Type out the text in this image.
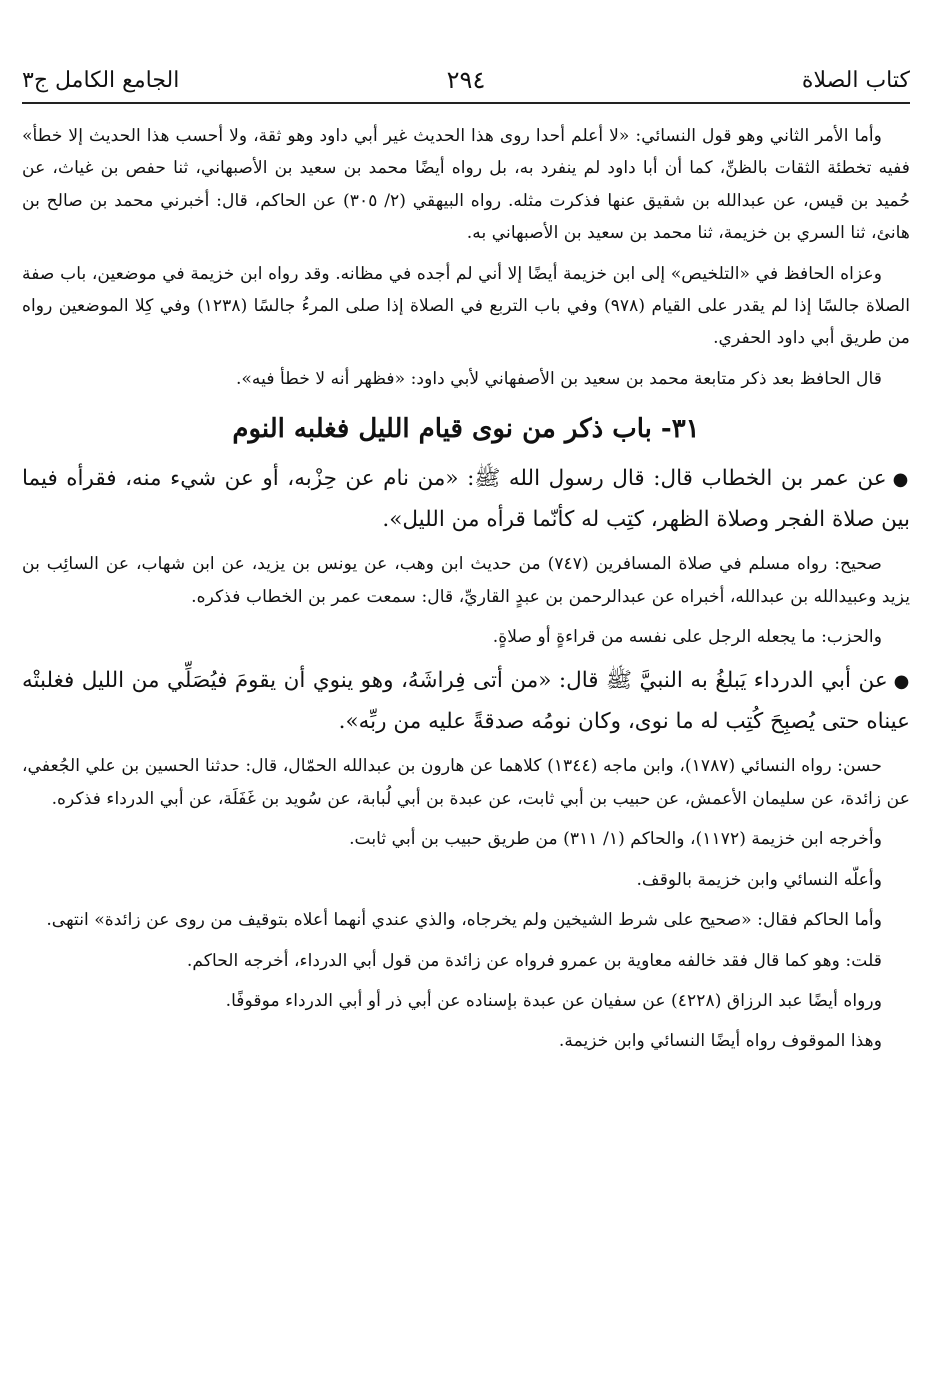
كتاب الصلاة
٢٩٤
الجامع الكامل ج٣

وأما الأمر الثاني وهو قول النسائي: «لا أعلم أحدا روى هذا الحديث غير أبي داود وهو ثقة، ولا أحسب هذا الحديث إلا خطأ» ففيه تخطئة الثقات بالظنِّ، كما أن أبا داود لم ينفرد به، بل رواه أيضًا محمد بن سعيد بن الأصبهاني، ثنا حفص بن غياث، عن حُميد بن قيس، عن عبدالله بن شقيق عنها فذكرت مثله. رواه البيهقي (٢/ ٣٠٥) عن الحاكم، قال: أخبرني محمد بن صالح بن هانئ، ثنا السري بن خزيمة، ثنا محمد بن سعيد بن الأصبهاني به.

وعزاه الحافظ في «التلخيص» إلى ابن خزيمة أيضًا إلا أني لم أجده في مظانه. وقد رواه ابن خزيمة في موضعين، باب صفة الصلاة جالسًا إذا لم يقدر على القيام (٩٧٨) وفي باب التربع في الصلاة إذا صلى المرءُ جالسًا (١٢٣٨) وفي كِلا الموضعين رواه من طريق أبي داود الحفري.

قال الحافظ بعد ذكر متابعة محمد بن سعيد بن الأصفهاني لأبي داود: «فظهر أنه لا خطأ فيه».

٣١- باب ذكر من نوى قيام الليل فغلبه النوم

●عن عمر بن الخطاب قال: قال رسول الله ﷺ: «من نام عن حِزْبه، أو عن شيء منه، فقرأه فيما بين صلاة الفجر وصلاة الظهر، كتِب له كأنّما قرأه من الليل».

صحيح: رواه مسلم في صلاة المسافرين (٧٤٧) من حديث ابن وهب، عن يونس بن يزيد، عن ابن شهاب، عن السائِب بن يزيد وعبيدالله بن عبدالله، أخبراه عن عبدالرحمن بن عبدٍ القاريِّ، قال: سمعت عمر بن الخطاب فذكره.

والحزب: ما يجعله الرجل على نفسه من قراءةٍ أو صلاةٍ.

●عن أبي الدرداء يَبلغُ به النبيَّ ﷺ قال: «من أتى فِراشَهُ، وهو ينوي أن يقومَ فيُصَلِّي من الليل فغلبتْه عيناه حتى يُصبِحَ كُتِب له ما نوى، وكان نومُه صدقةً عليه من ربِّه».

حسن: رواه النسائي (١٧٨٧)، وابن ماجه (١٣٤٤) كلاهما عن هارون بن عبدالله الحمّال، قال: حدثنا الحسين بن علي الجُعفي، عن زائدة، عن سليمان الأعمش، عن حبيب بن أبي ثابت، عن عبدة بن أبي لُبابة، عن سُويد بن غَفَلَة، عن أبي الدرداء فذكره.

وأخرجه ابن خزيمة (١١٧٢)، والحاكم (١/ ٣١١) من طريق حبيب بن أبي ثابت.

وأعلّه النسائي وابن خزيمة بالوقف.

وأما الحاكم فقال: «صحيح على شرط الشيخين ولم يخرجاه، والذي عندي أنهما أعلاه بتوقيف من روى عن زائدة» انتهى.

قلت: وهو كما قال فقد خالفه معاوية بن عمرو فرواه عن زائدة من قول أبي الدرداء، أخرجه الحاكم.

ورواه أيضًا عبد الرزاق (٤٢٢٨) عن سفيان عن عبدة بإسناده عن أبي ذر أو أبي الدرداء موقوفًا.

وهذا الموقوف رواه أيضًا النسائي وابن خزيمة.
